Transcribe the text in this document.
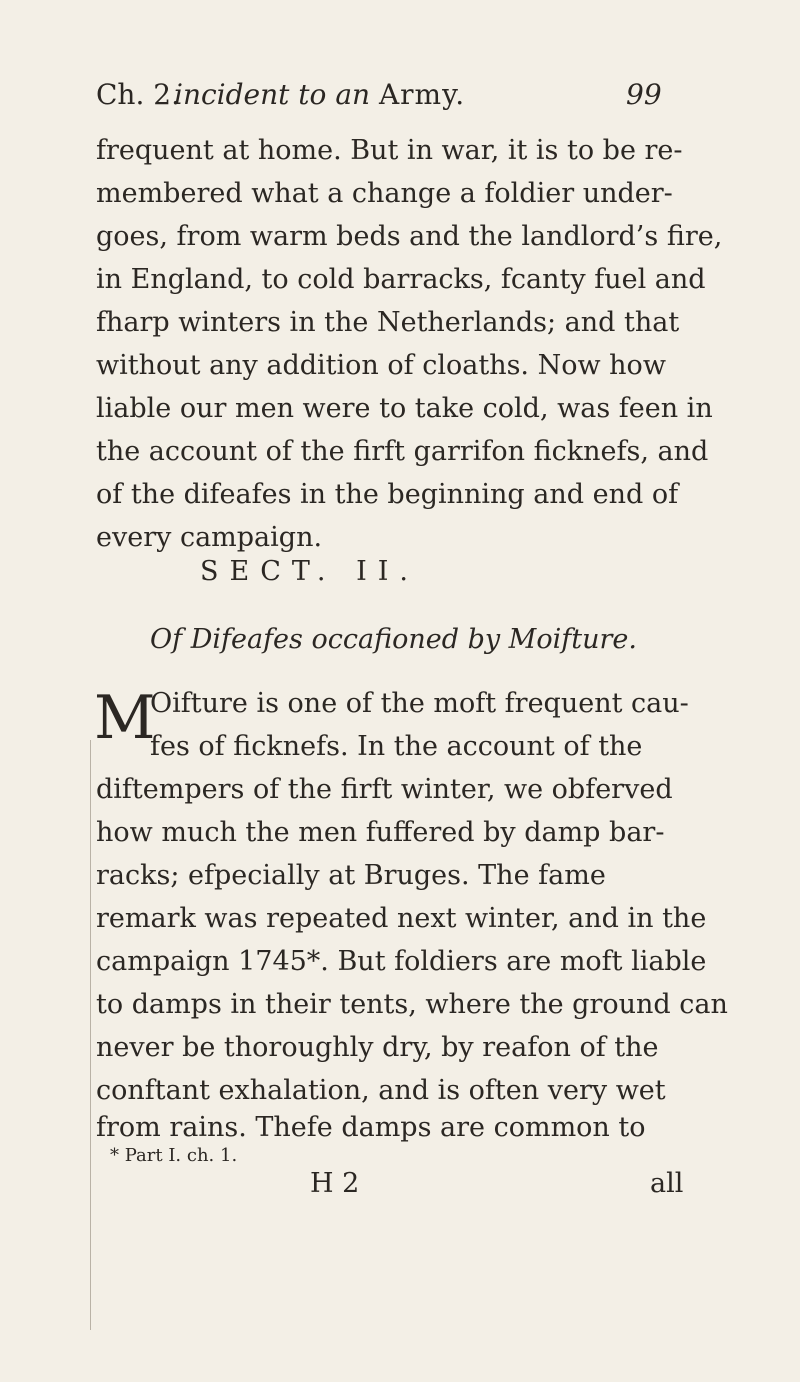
Ch. 2.
incident to an Army.	99
frequent at home. But in war, it is to be re-
membered what a change a foldier under-
goes, from warm beds and the landlord’s fire,
in England, to cold barracks, fcanty fuel and
fharp winters in the Netherlands; and that
without any addition of cloaths. Now how
liable our men were to take cold, was feen in
the account of the firft garrifon ficknefs, and
of the difeafes in the beginning and end of
every campaign.
SECT. II.
Of Difeafes occafioned by Moifture.
M
Oifture is one of the moft frequent cau-
fes of ficknefs. In the account of the
diftempers of the firft winter, we obferved
how much the men fuffered by damp bar-
racks; efpecially at Bruges. The fame
remark was repeated next winter, and in the
campaign 1745*. But foldiers are moft liable
to damps in their tents, where the ground can
never be thoroughly dry, by reafon of the
conftant exhalation, and is often very wet
from rains. Thefe damps are common to
* Part I. ch. 1.
H 2	all
